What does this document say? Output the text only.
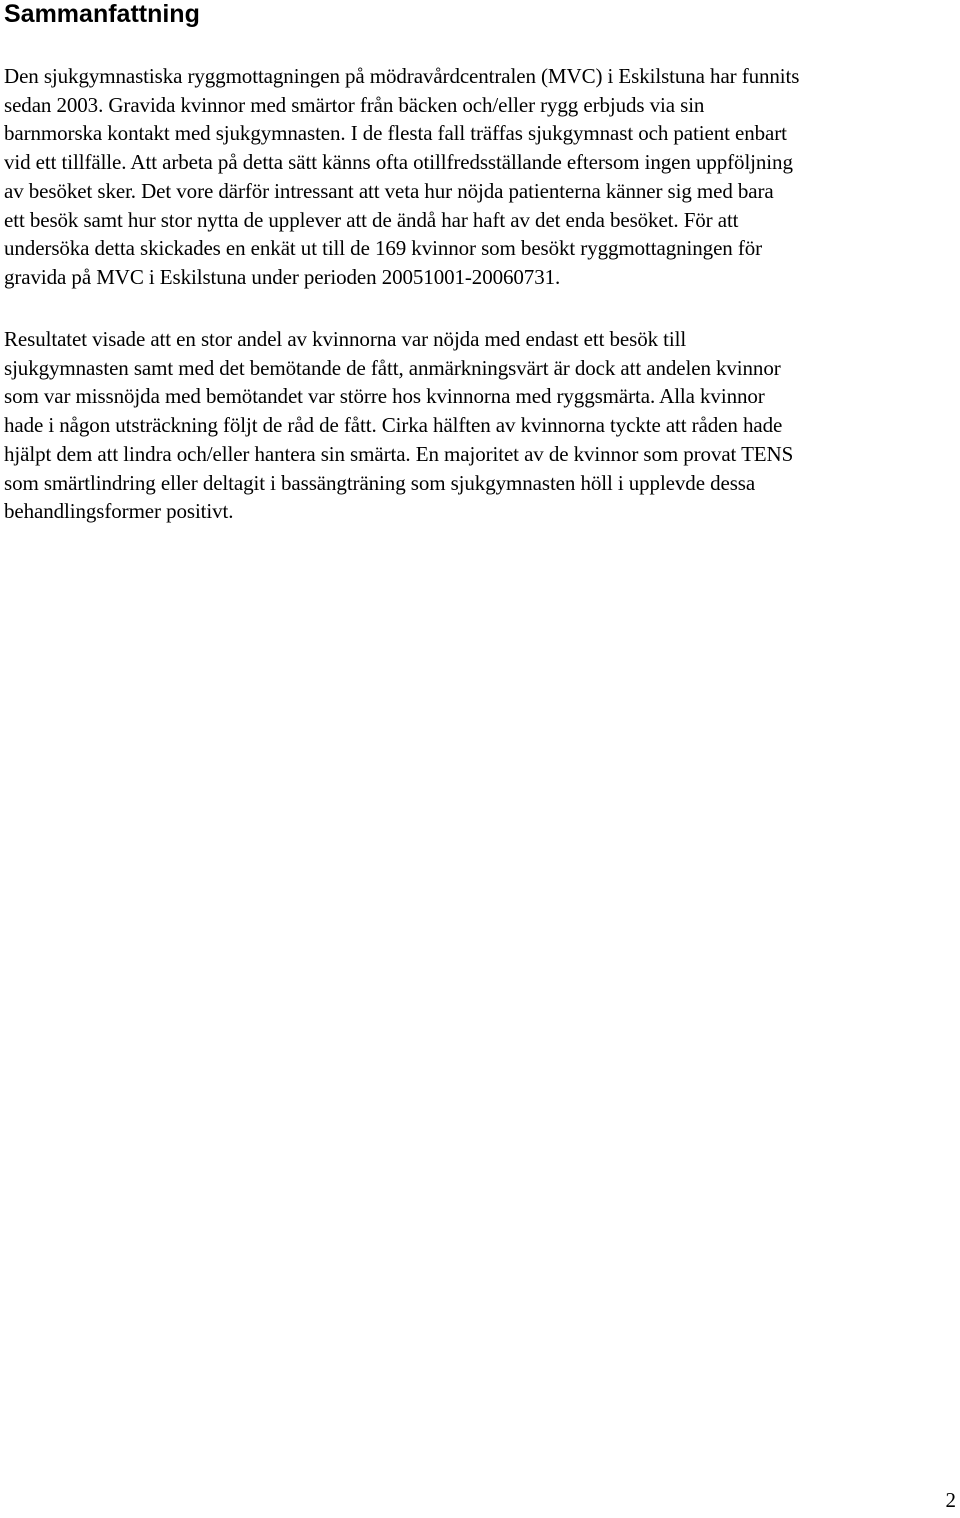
Sammanfattning
Den sjukgymnastiska ryggmottagningen på mödravårdcentralen (MVC) i Eskilstuna har funnits
sedan 2003. Gravida kvinnor med smärtor från bäcken och/eller rygg erbjuds via sin
barnmorska kontakt med sjukgymnasten. I de flesta fall träffas sjukgymnast och patient enbart
vid ett tillfälle. Att arbeta på detta sätt känns ofta otillfredsställande eftersom ingen uppföljning
av besöket sker. Det vore därför intressant att veta hur nöjda patienterna känner sig med bara
ett besök samt hur stor nytta de upplever att de ändå har haft av det enda besöket. För att
undersöka detta skickades en enkät ut till de 169 kvinnor som besökt ryggmottagningen för
gravida på MVC i Eskilstuna under perioden 20051001-20060731.
Resultatet visade att en stor andel av kvinnorna var nöjda med endast ett besök till
sjukgymnasten samt med det bemötande de fått, anmärkningsvärt är dock att andelen kvinnor
som var missnöjda med bemötandet var större hos kvinnorna med ryggsmärta. Alla kvinnor
hade i någon utsträckning följt de råd de fått. Cirka hälften av kvinnorna tyckte att råden hade
hjälpt dem att lindra och/eller hantera sin smärta. En majoritet av de kvinnor som provat TENS
som smärtlindring eller deltagit i bassängträning som sjukgymnasten höll i upplevde dessa
behandlingsformer positivt.

2
